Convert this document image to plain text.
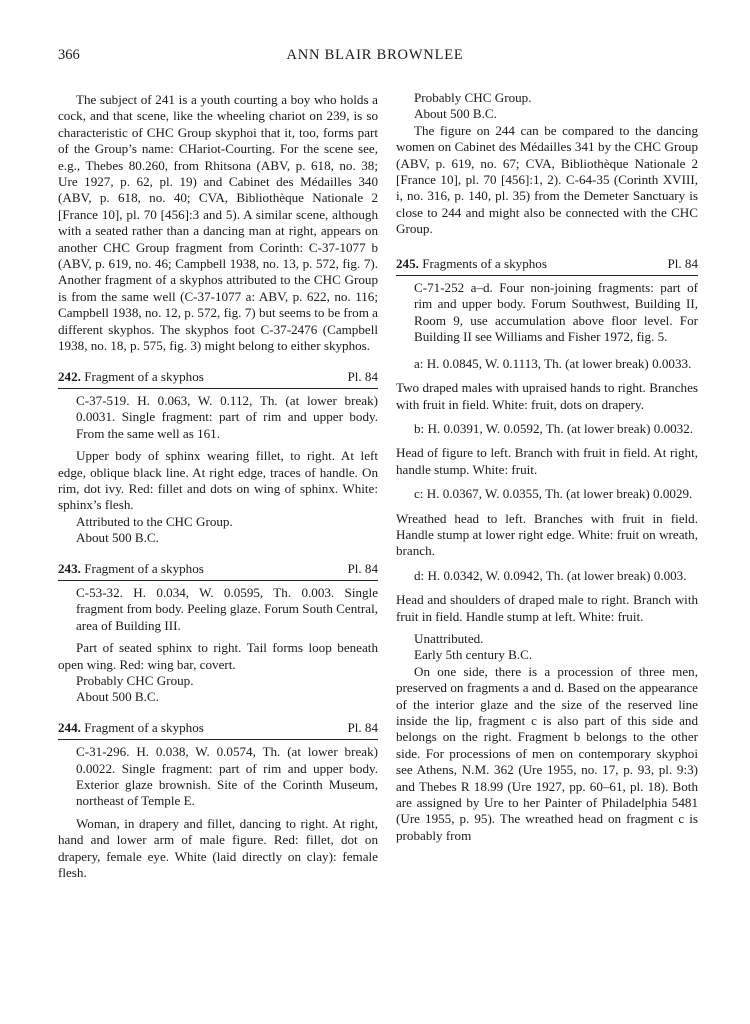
366	ANN BLAIR BROWNLEE

The subject of 241 is a youth courting a boy who holds a cock, and that scene, like the wheeling chariot on 239, is so characteristic of CHC Group skyphoi that it, too, forms part of the Group’s name: CHariot-Courting. For the scene see, e.g., Thebes 80.260, from Rhitsona (ABV, p. 618, no. 38; Ure 1927, p. 62, pl. 19) and Cabinet des Médailles 340 (ABV, p. 618, no. 40; CVA, Bibliothèque Nationale 2 [France 10], pl. 70 [456]:3 and 5). A similar scene, although with a seated rather than a dancing man at right, appears on another CHC Group fragment from Corinth: C-37-1077 b (ABV, p. 619, no. 46; Campbell 1938, no. 13, p. 572, fig. 7). Another fragment of a skyphos attributed to the CHC Group is from the same well (C-37-1077 a: ABV, p. 622, no. 116; Campbell 1938, no. 12, p. 572, fig. 7) but seems to be from a different skyphos. The skyphos foot C-37-2476 (Campbell 1938, no. 18, p. 575, fig. 3) might belong to either skyphos.

242. Fragment of a skyphos	Pl. 84

C-37-519. H. 0.063, W. 0.112, Th. (at lower break) 0.0031. Single fragment: part of rim and upper body. From the same well as 161.

Upper body of sphinx wearing fillet, to right. At left edge, oblique black line. At right edge, traces of handle. On rim, dot ivy. Red: fillet and dots on wing of sphinx. White: sphinx’s flesh.

Attributed to the CHC Group.

About 500 B.C.

243. Fragment of a skyphos	Pl. 84

C-53-32. H. 0.034, W. 0.0595, Th. 0.003. Single fragment from body. Peeling glaze. Forum South Central, area of Building III.

Part of seated sphinx to right. Tail forms loop beneath open wing. Red: wing bar, covert.

Probably CHC Group.

About 500 B.C.

244. Fragment of a skyphos	Pl. 84

C-31-296. H. 0.038, W. 0.0574, Th. (at lower break) 0.0022. Single fragment: part of rim and upper body. Exterior glaze brownish. Site of the Corinth Museum, northeast of Temple E.

Woman, in drapery and fillet, dancing to right. At right, hand and lower arm of male figure. Red: fillet, dot on drapery, female eye. White (laid directly on clay): female flesh.

Probably CHC Group.

About 500 B.C.

The figure on 244 can be compared to the dancing women on Cabinet des Médailles 341 by the CHC Group (ABV, p. 619, no. 67; CVA, Bibliothèque Nationale 2 [France 10], pl. 70 [456]:1, 2). C-64-35 (Corinth XVIII, i, no. 316, p. 140, pl. 35) from the Demeter Sanctuary is close to 244 and might also be connected with the CHC Group.

245. Fragments of a skyphos	Pl. 84

C-71-252 a–d. Four non-joining fragments: part of rim and upper body. Forum Southwest, Building II, Room 9, use accumulation above floor level. For Building II see Williams and Fisher 1972, fig. 5.

a: H. 0.0845, W. 0.1113, Th. (at lower break) 0.0033.

Two draped males with upraised hands to right. Branches with fruit in field. White: fruit, dots on drapery.

b: H. 0.0391, W. 0.0592, Th. (at lower break) 0.0032.

Head of figure to left. Branch with fruit in field. At right, handle stump. White: fruit.

c: H. 0.0367, W. 0.0355, Th. (at lower break) 0.0029.

Wreathed head to left. Branches with fruit in field. Handle stump at lower right edge. White: fruit on wreath, branch.

d: H. 0.0342, W. 0.0942, Th. (at lower break) 0.003.

Head and shoulders of draped male to right. Branch with fruit in field. Handle stump at left. White: fruit.

Unattributed.

Early 5th century B.C.

On one side, there is a procession of three men, preserved on fragments a and d. Based on the appearance of the interior glaze and the size of the reserved line inside the lip, fragment c is also part of this side and belongs on the right. Fragment b belongs to the other side. For processions of men on contemporary skyphoi see Athens, N.M. 362 (Ure 1955, no. 17, p. 93, pl. 9:3) and Thebes R 18.99 (Ure 1927, pp. 60–61, pl. 18). Both are assigned by Ure to her Painter of Philadelphia 5481 (Ure 1955, p. 95). The wreathed head on fragment c is probably from
